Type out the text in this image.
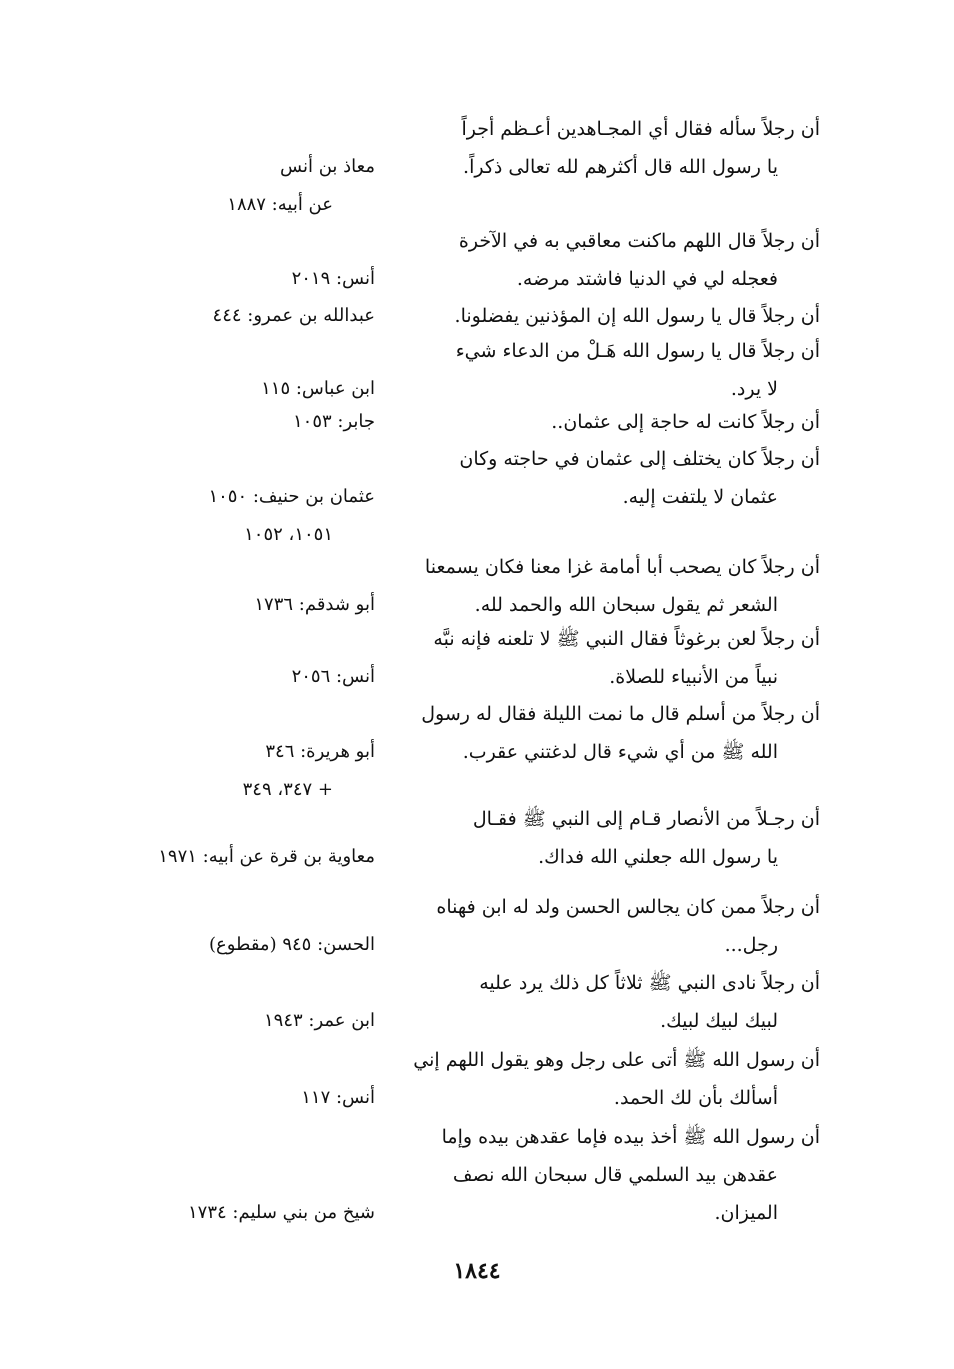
أن رجلاً سأله فقال أي المجـاهدين أعـظم أجراً
يا رسول الله قال أكثرهم لله تعالى ذكراً.
معاذ بن أنس
عن أبيه: ١٨٨٧
أن رجلاً قال اللهم ماكنت معاقبي به في الآخرة
فعجله لي في الدنيا فاشتد مرضه.
أنس: ٢٠١٩
أن رجلاً قال يا رسول الله إن المؤذنين يفضلونا.
عبدالله بن عمرو: ٤٤٤
أن رجلاً قال يا رسول الله هَـلْ من الدعاء شيء
لا يرد.
ابن عباس: ١١٥
أن رجلاً كانت له حاجة إلى عثمان..
جابر: ١٠٥٣
أن رجلاً كان يختلف إلى عثمان في حاجته وكان
عثمان لا يلتفت إليه.
عثمان بن حنيف: ١٠٥٠
١٠٥١، ١٠٥٢
أن رجلاً كان يصحب أبا أمامة غزا معنا فكان يسمعنا
الشعر ثم يقول سبحان الله والحمد لله.
أبو شدقم: ١٧٣٦
أن رجلاً لعن برغوثاً فقال النبي ﷺ لا تلعنه فإنه نبَّه
نبياً من الأنبياء للصلاة.
أنس: ٢٠٥٦
أن رجلاً من أسلم قال ما نمت الليلة فقال له رسول
الله ﷺ من أي شيء قال لدغتني عقرب.
أبو هريرة: ٣٤٦
+ ٣٤٧، ٣٤٩
أن رجـلاً من الأنصار قـام إلى النبي ﷺ فقـال
يا رسول الله جعلني الله فداك.
معاوية بن قرة عن أبيه: ١٩٧١
أن رجلاً ممن كان يجالس الحسن ولد له ابن فهناه
رجل...
الحسن: ٩٤٥ (مقطوع)
أن رجلاً نادى النبي ﷺ ثلاثاً كل ذلك يرد عليه
لبيك لبيك لبيك.
ابن عمر: ١٩٤٣
أن رسول الله ﷺ أتى على رجل وهو يقول اللهم إني
أسألك بأن لك الحمد.
أنس: ١١٧
أن رسول الله ﷺ أخذ بيده فإما عقدهن بيده وإما
عقدهن بيد السلمي قال سبحان الله نصف
الميزان.
شيخ من بني سليم: ١٧٣٤
١٨٤٤
